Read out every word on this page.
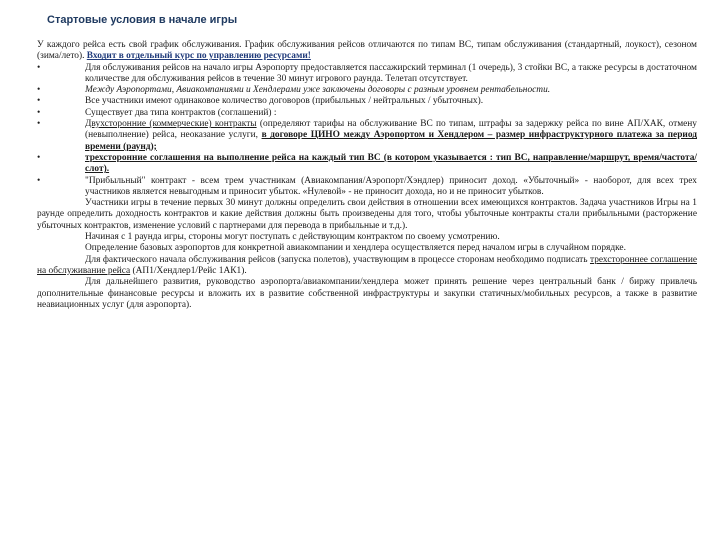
Стартовые условия в начале игры

У каждого рейса есть свой график обслуживания. График обслуживания рейсов отличаются по типам ВС, типам обслуживания (стандартный, лоукост), сезоном (зима/лето). Входит в отдельный курс по управлению ресурсами!

•	Для обслуживания рейсов на начало игры Аэропорту предоставляется пассажирский терминал (1 очередь), 3 стойки ВС, а также ресурсы в достаточном количестве для обслуживания рейсов в течение 30 минут игрового раунда. Телетап отсутствует.

•	Между Аэропортами, Авиакомпаниями и Хендлерами уже заключены договоры с разным уровнем рентабельности.

•	Все участники имеют одинаковое количество договоров (прибыльных / нейтральных / убыточных).

•	Существует два типа контрактов (соглашений) :

•	Двухсторонние (коммерческие) контракты (определяют тарифы на обслуживание ВС по типам, штрафы за задержку рейса по вине АП/ХАК, отмену (невыполнение) рейса, неоказание услуги, в договоре ЦИНО между Аэропортом и Хендлером – размер инфраструктурного платежа за период времени (раунд);

•	трехсторонние соглашения на выполнение рейса на каждый тип ВС (в котором указывается : тип ВС, направление/маршрут, время/частота/слот).

•	"Прибыльный" контракт - всем трем участникам (Авиакомпания/Аэропорт/Хэндлер) приносит доход. «Убыточный» - наоборот, для всех трех участников является невыгодным и приносит убыток. «Нулевой» - не приносит дохода, но и не приносит убытков.

Участники игры в течение первых 30 минут должны определить свои действия в отношении всех имеющихся контрактов. Задача участников Игры на 1 раунде определить доходность контрактов и какие действия должны быть произведены для того, чтобы убыточные контракты стали прибыльными (расторжение убыточных контрактов, изменение условий с партнерами для перевода в прибыльные и т.д.).

Начиная с 1 раунда игры, стороны могут поступать с действующим контрактом по своему усмотрению.

Определение базовых аэропортов для конкретной авиакомпании и хендлера осуществляется перед началом игры в случайном порядке.

Для фактического начала обслуживания рейсов (запуска полетов), участвующим в процессе сторонам необходимо подписать трехстороннее соглашение на обслуживание рейса (АП1/Хендлер1/Рейс 1АК1).

Для дальнейшего развития, руководство аэропорта/авиакомпании/хендлера может принять решение через центральный банк / биржу привлечь дополнительные финансовые ресурсы и вложить их в развитие собственной инфраструктуры и закупки статичных/мобильных ресурсов, а также в развитие неавиационных услуг (для аэропорта).
